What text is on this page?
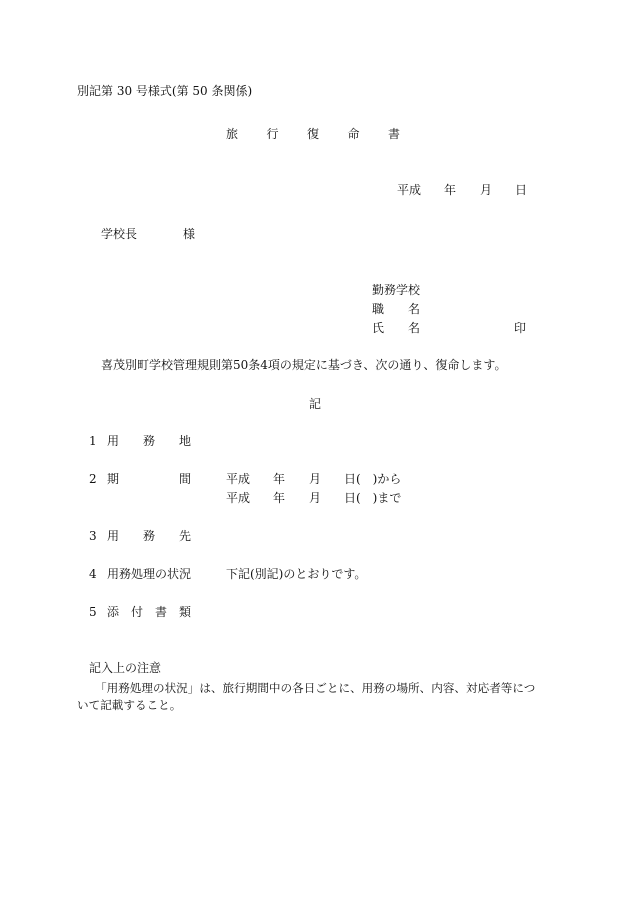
別記第 30 号様式(第 50 条関係)
旅 行 復 命 書
平成 年 月 日
学校長	様
勤務学校
職 名
氏 名	印
喜茂別町学校管理規則第50条4項の規定に基づき、次の通り、復命します。
記
1 用 務 地
2 期	間	平成 年 月 日(　)から
平成 年 月 日(　)まで
3 用 務 先
4 用務処理の状況	下記(別記)のとおりです。
5 添 付 書 類
記入上の注意
「用務処理の状況」は、旅行期間中の各日ごとに、用務の場所、内容、対応者等につ
いて記載すること。
